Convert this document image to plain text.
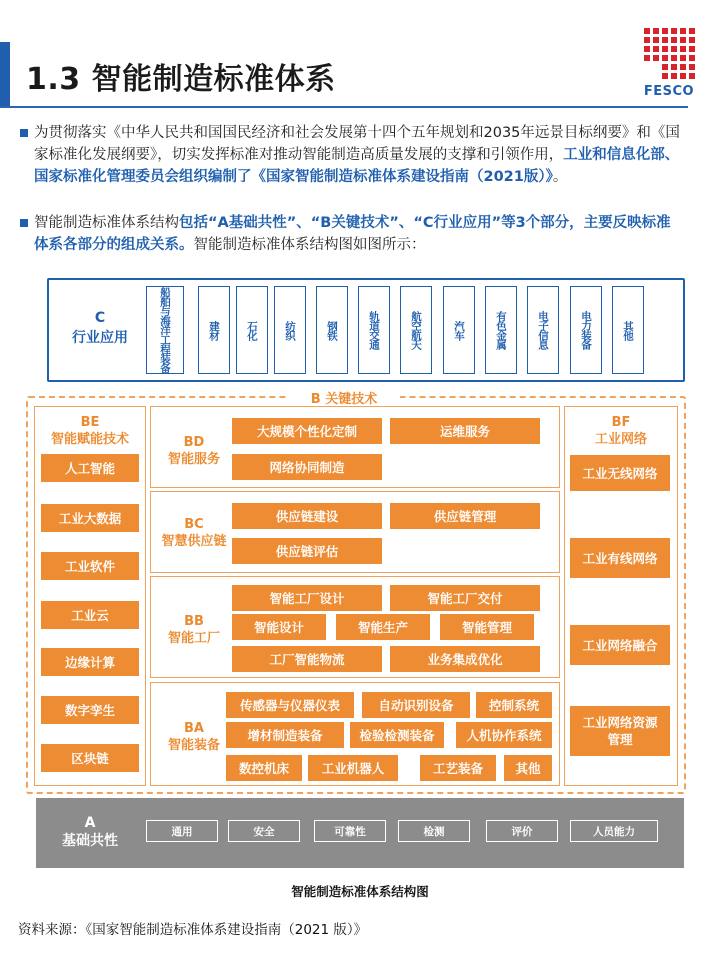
1.3 智能制造标准体系	FESCO
为贯彻落实《中华人民共和国国民经济和社会发展第十四个五年规划和2035年远景目标纲要》和《国家标准化发展纲要》，切实发挥标准对推动智能制造高质量发展的支撑和引领作用，工业和信息化部、国家标准化管理委员会组织编制了《国家智能制造标准体系建设指南（2021版）》。
智能制造标准体系结构包括“A基础共性”、“B关键技术”、“C行业应用”等3个部分，主要反映标准体系各部分的组成关系。智能制造标准体系结构图如图所示：
C
行业应用	船舶与海洋工程装备	建材	石化	纺织	钢铁	轨道交通	航空航天	汽车	有色金属	电子信息	电力装备	其他
B 关键技术
BE
智能赋能技术
人工智能
工业大数据
工业软件
工业云
边缘计算
数字孪生
区块链
BD
智能服务
BC
智慧供应链
BB
智能工厂
BA
智能装备
大规模个性化定制	运维服务
网络协同制造
供应链建设	供应链管理
供应链评估
智能工厂设计	智能工厂交付
智能设计	智能生产	智能管理
工厂智能物流	业务集成优化
传感器与仪器仪表	自动识别设备	控制系统
增材制造装备	检验检测装备	人机协作系统
数控机床	工业机器人	工艺装备	其他
BF
工业网络
工业无线网络
工业有线网络
工业网络融合
工业网络资源管理
A
基础共性
通用	安全	可靠性	检测	评价	人员能力
智能制造标准体系结构图
资料来源：《国家智能制造标准体系建设指南（2021 版）》
